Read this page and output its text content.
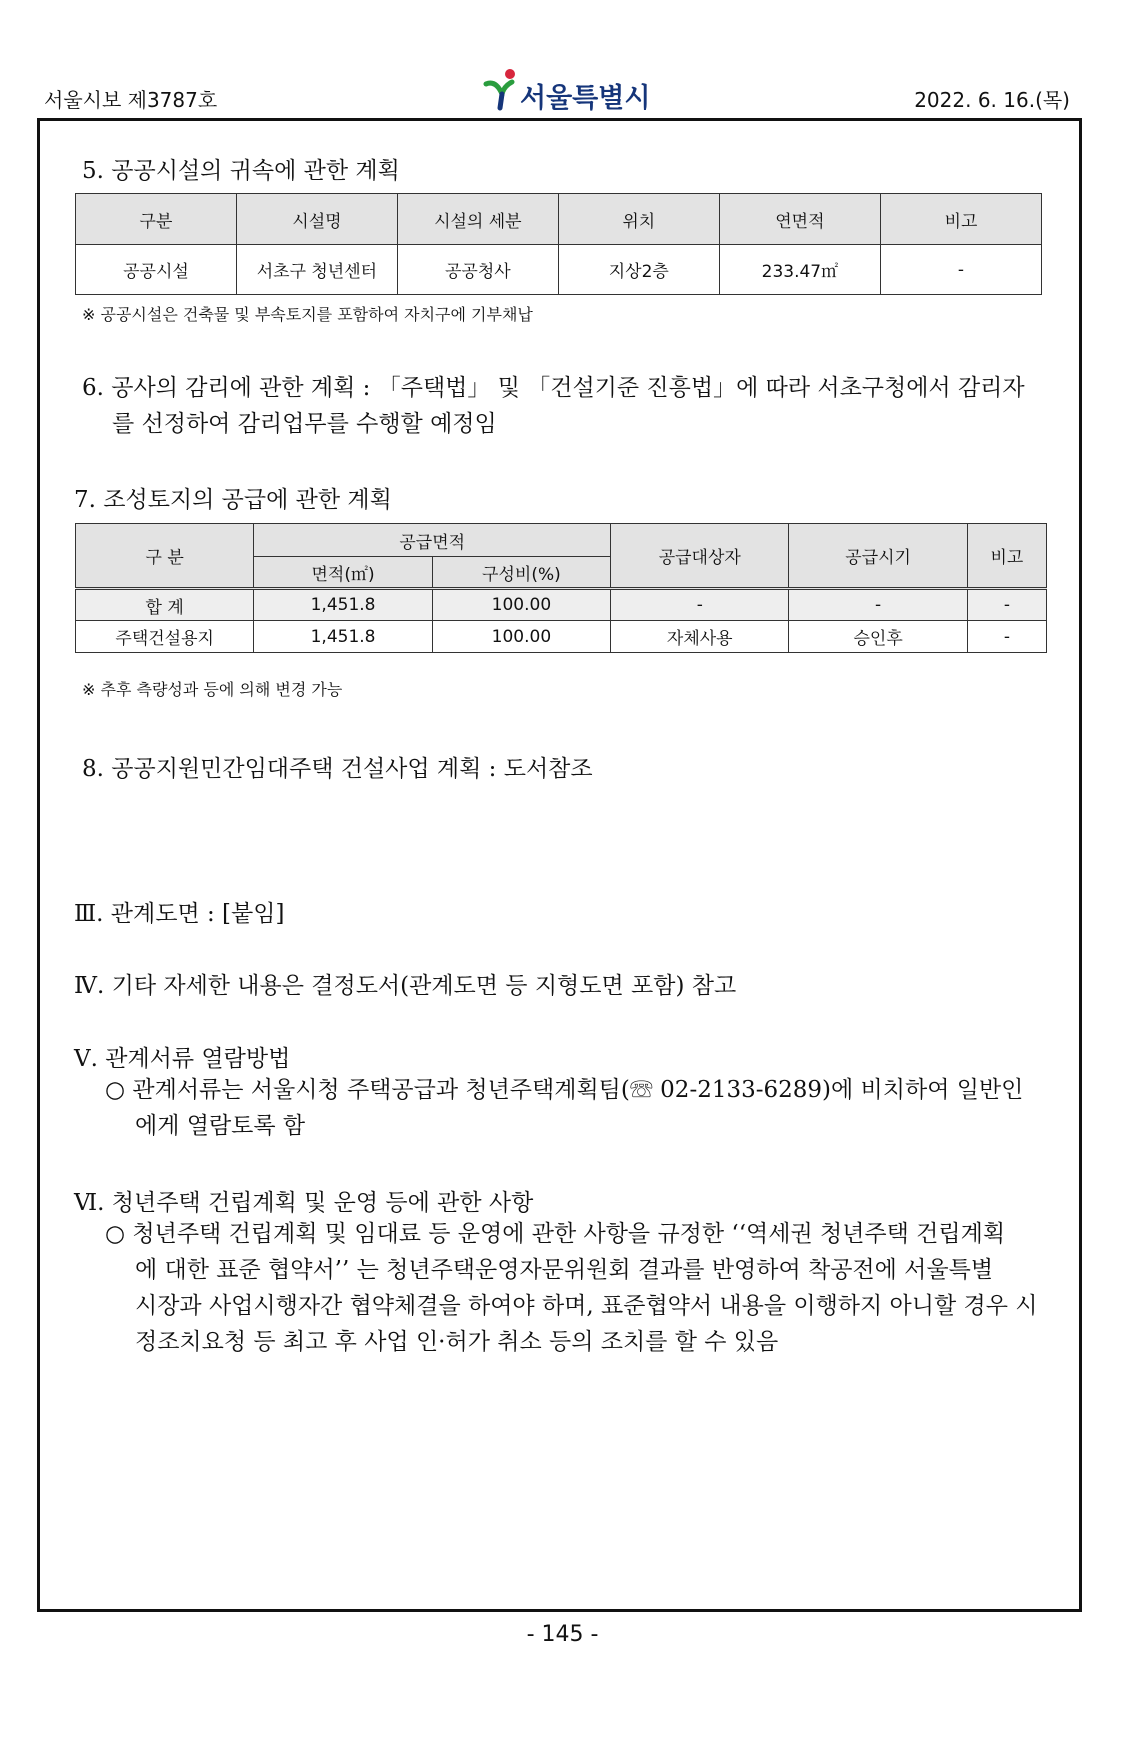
서울시보 제3787호	서울특별시	2022. 6. 16.(목)
5. 공공시설의 귀속에 관한 계획
구분	시설명	시설의 세분	위치	연면적	비고
공공시설	서초구 청년센터	공공청사	지상2층	233.47㎡	-
※ 공공시설은 건축물 및 부속토지를 포함하여 자치구에 기부채납
6. 공사의 감리에 관한 계획 : 「주택법」 및 「건설기준 진흥법」에 따라 서초구청에서 감리자

를 선정하여 감리업무를 수행할 예정임
7. 조성토지의 공급에 관한 계획
구 분	공급면적		공급대상자	공급시기	비고
	면적(㎡)	구성비(%)			
합 계	1,451.8	100.00	-	-	-
주택건설용지	1,451.8	100.00	자체사용	승인후	-
※ 추후 측량성과 등에 의해 변경 가능
8. 공공지원민간임대주택 건설사업 계획 : 도서참조
Ⅲ. 관계도면 : [붙임]
Ⅳ. 기타 자세한 내용은 결정도서(관계도면 등 지형도면 포함) 참고
Ⅴ. 관계서류 열람방법
○ 관계서류는 서울시청 주택공급과 청년주택계획팀(☏ 02-2133-6289)에 비치하여 일반인

에게 열람토록 함
Ⅵ. 청년주택 건립계획 및 운영 등에 관한 사항
○ 청년주택 건립계획 및 임대료 등 운영에 관한 사항을 규정한 ‘‘역세권 청년주택 건립계획

에 대한 표준 협약서’’ 는 청년주택운영자문위원회 결과를 반영하여 착공전에 서울특별
시장과 사업시행자간 협약체결을 하여야 하며, 표준협약서 내용을 이행하지 아니할 경우 시
정조치요청 등 최고 후 사업 인·허가 취소 등의 조치를 할 수 있음
- 145 -
